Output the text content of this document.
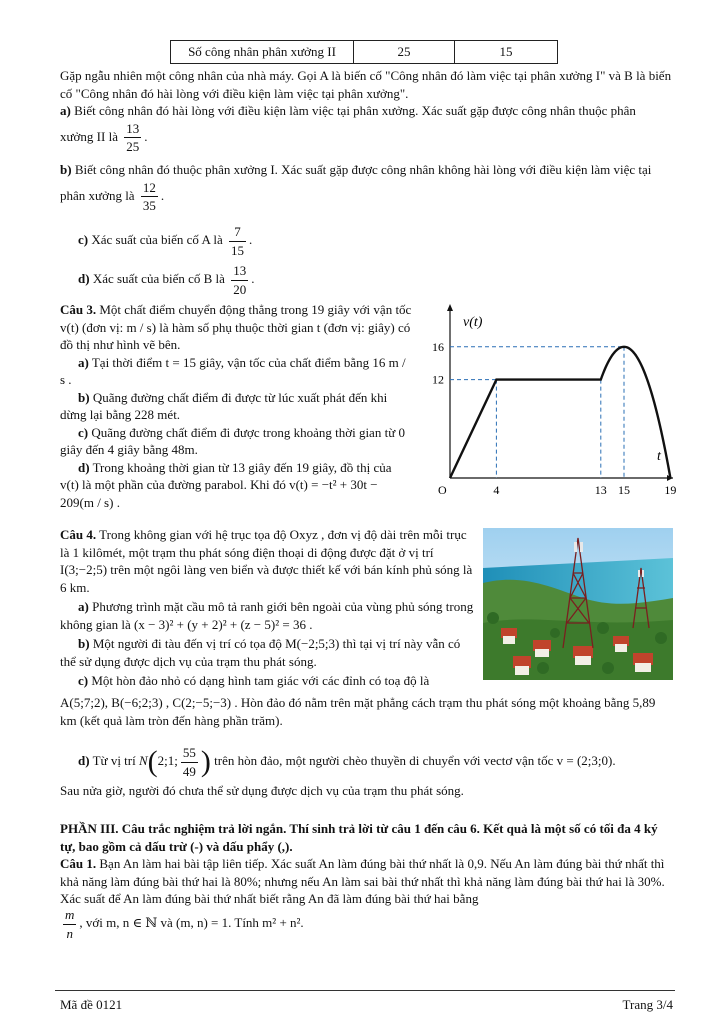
Số công nhân phân xưởng II	25	15

Gặp ngẫu nhiên một công nhân của nhà máy. Gọi A là biến cố "Công nhân đó làm việc tại phân xưởng I" và B là biến cố "Công nhân đó hài lòng với điều kiện làm việc tại phân xưởng".

a) Biết công nhân đó hài lòng với điều kiện làm việc tại phân xưởng. Xác suất gặp được công nhân thuộc phân xưởng II là $\frac{13}{25}$ .
b) Biết công nhân đó thuộc phân xưởng I. Xác suất gặp được công nhân không hài lòng với điều kiện làm việc tại phân xưởng là $\frac{12}{35}$ .
c) Xác suất của biến cố A là $\frac{7}{15}$ .
d) Xác suất của biến cố B là $\frac{13}{20}$ .

Câu 3. Một chất điểm chuyển động thẳng trong 19 giây với vận tốc v(t) (đơn vị: m / s) là hàm số phụ thuộc thời gian t (đơn vị: giây) có đồ thị như hình vẽ bên.

a) Tại thời điểm t = 15 giây, vận tốc của chất điểm bằng 16 m / s .

b) Quãng đường chất điểm đi được từ lúc xuất phát đến khi dừng lại bằng 228 mét.

c) Quãng đường chất điểm đi được trong khoảng thời gian từ 0 giây đến 4 giây bằng 48m.

d) Trong khoảng thời gian từ 13 giây đến 19 giây, đồ thị của v(t) là một phần của đường parabol. Khi đó v(t) = −t² + 30t − 209(m / s) .

v(t)
t
O	4	13 15	19
12
16

Câu 4. Trong không gian với hệ trục tọa độ Oxyz , đơn vị độ dài trên mỗi trục là 1 kilômét, một trạm thu phát sóng điện thoại di động được đặt ở vị trí I(3;−2;5) trên một ngôi làng ven biển và được thiết kế với bán kính phủ sóng là 6 km.

a) Phương trình mặt cầu mô tả ranh giới bên ngoài của vùng phủ sóng trong không gian là (x − 3)² + (y + 2)² + (z − 5)² = 36 .

b) Một người đi tàu đến vị trí có tọa độ M(−2;5;3) thì tại vị trí này vẫn có thể sử dụng được dịch vụ của trạm thu phát sóng.

c) Một hòn đảo nhỏ có dạng hình tam giác với các đỉnh có toạ độ là

A(5;7;2), B(−6;2;3) , C(2;−5;−3) . Hòn đảo đó nằm trên mặt phẳng cách trạm thu phát sóng một khoảng bằng 5,89 km (kết quả làm tròn đến hàng phần trăm).

d) Từ vị trí N(2;1; $\frac{55}{49}$ ) trên hòn đảo, một người chèo thuyền di chuyển với vectơ vận tốc v = (2;3;0).

Sau nửa giờ, người đó chưa thể sử dụng được dịch vụ của trạm thu phát sóng.

PHẦN III. Câu trắc nghiệm trả lời ngắn. Thí sinh trả lời từ câu 1 đến câu 6. Kết quả là một số có tối đa 4 ký tự, bao gồm cả dấu trừ (-) và dấu phẩy (,).

Câu 1. Bạn An làm hai bài tập liên tiếp. Xác suất An làm đúng bài thứ nhất là 0,9. Nếu An làm đúng bài thứ nhất thì khả năng làm đúng bài thứ hai là 80%; nhưng nếu An làm sai bài thứ nhất thì khả năng làm đúng bài thứ hai là 30%. Xác suất để An làm đúng bài thứ nhất biết rằng An đã làm đúng bài thứ hai bằng
$\frac{m}{n}$ , với m, n ∈ ℕ và (m, n) = 1. Tính m² + n².
Mã đề 0121	Trang 3/4
